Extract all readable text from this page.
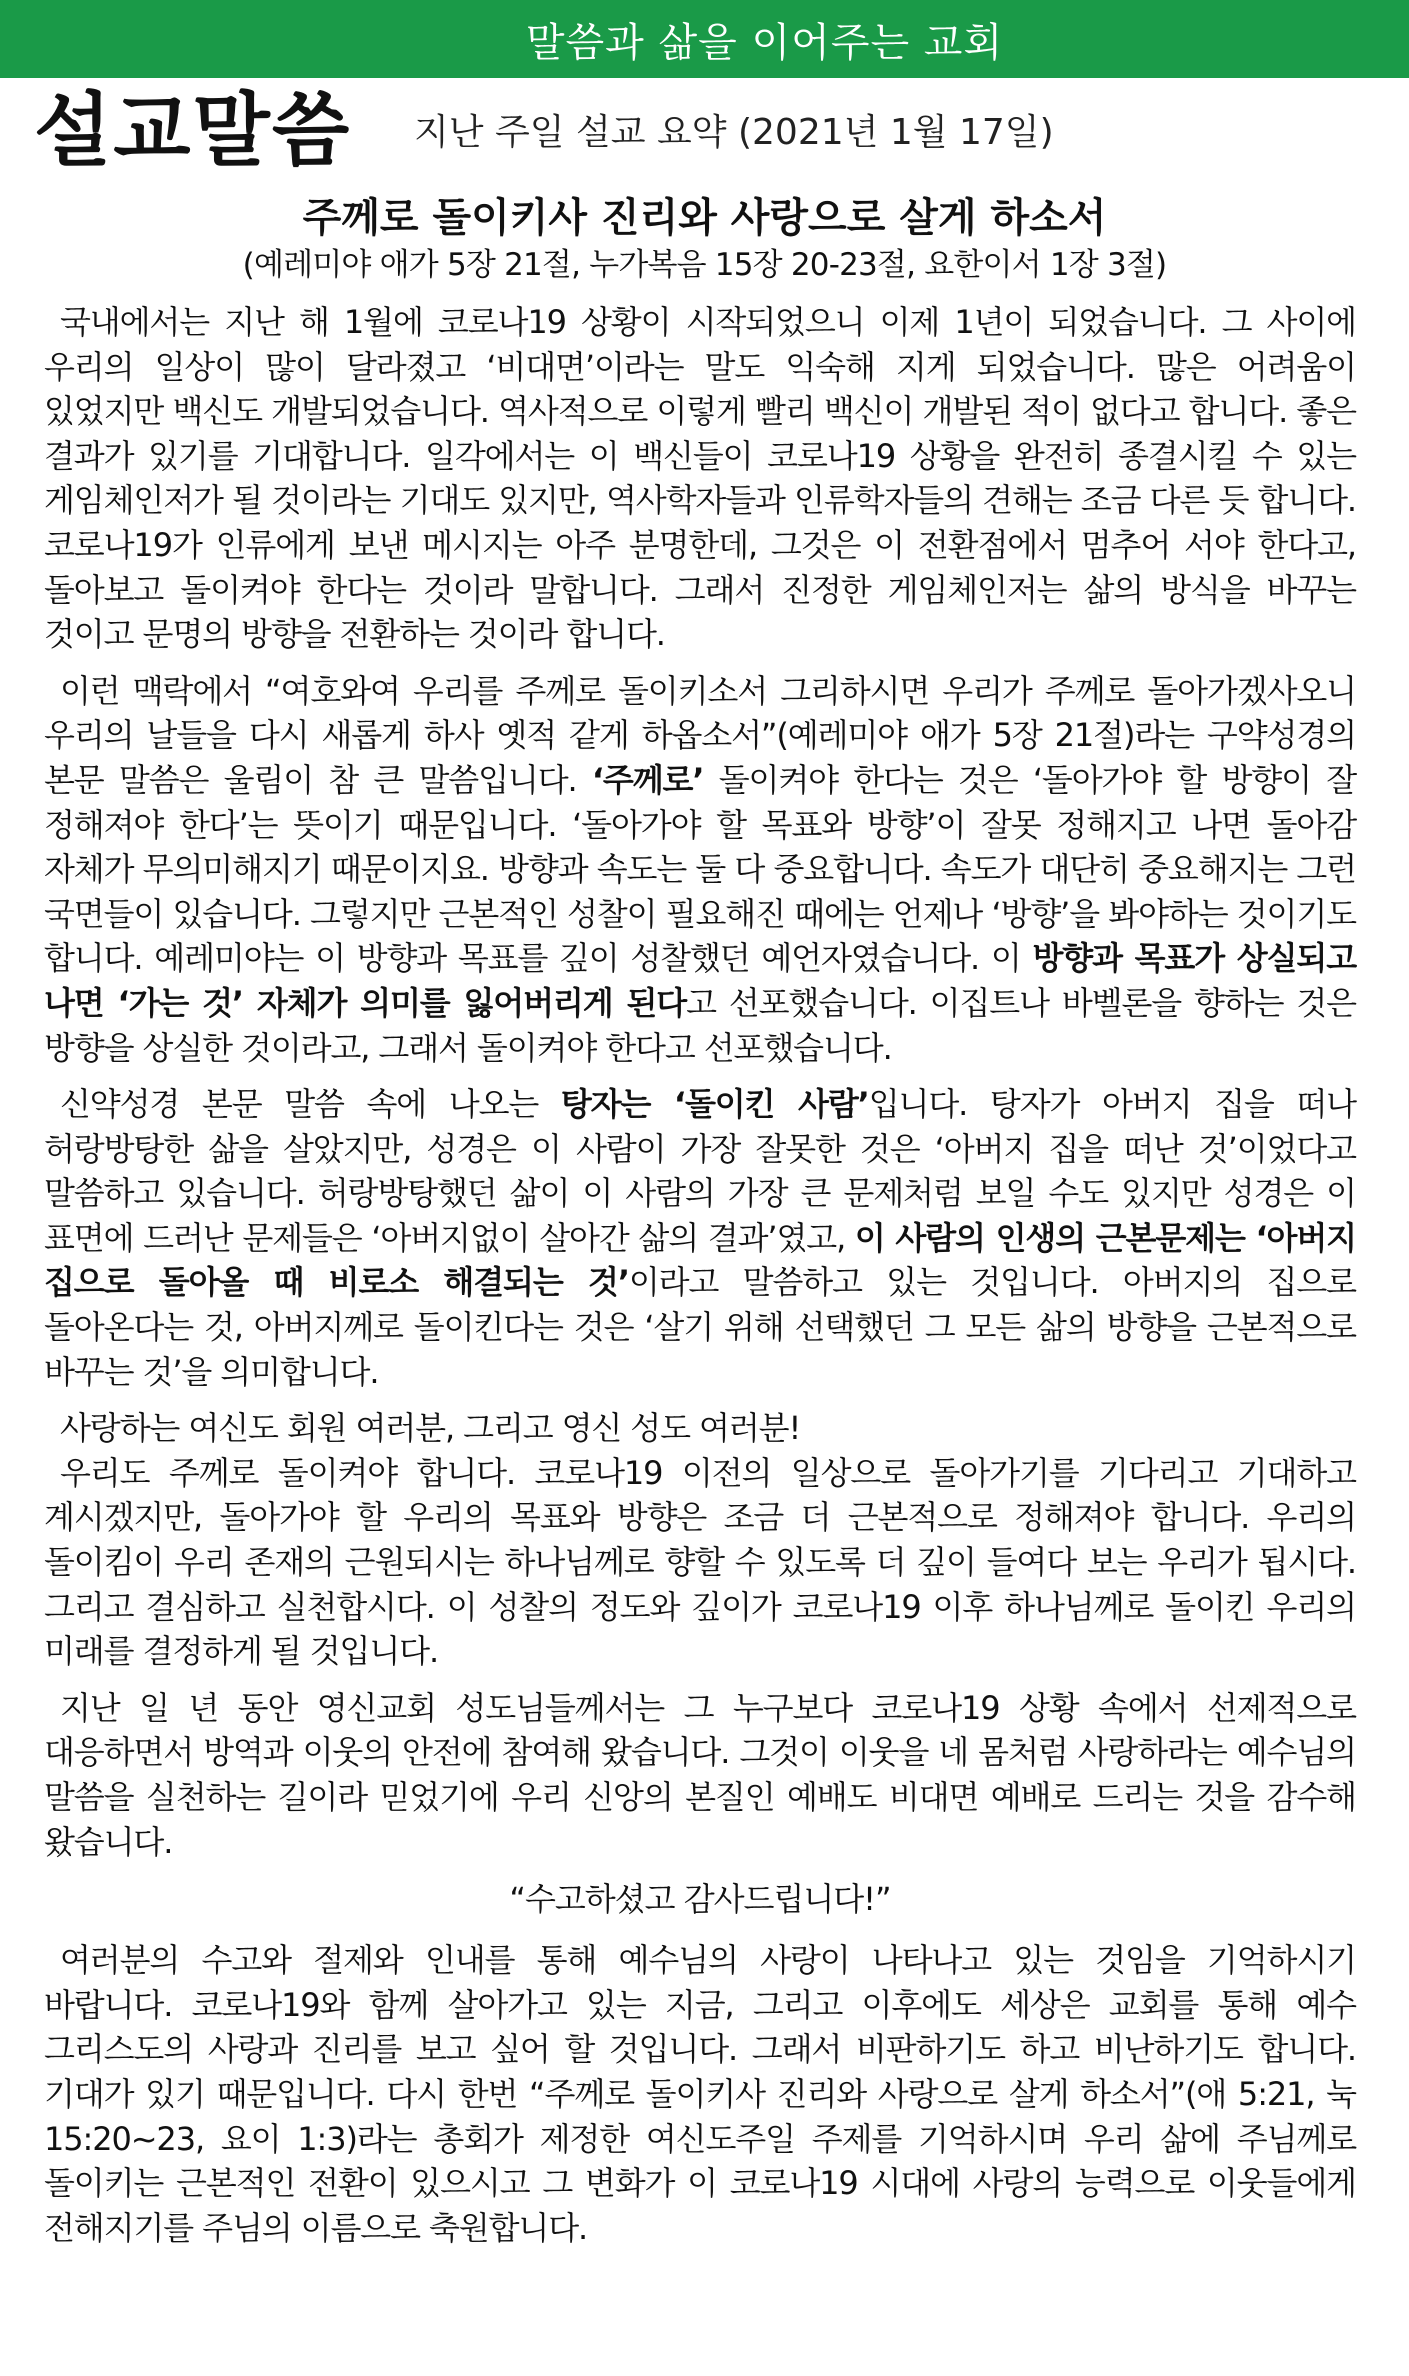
말씀과 삶을 이어주는 교회
설교말씀 지난 주일 설교 요약 (2021년 1월 17일)
주께로 돌이키사 진리와 사랑으로 살게 하소서
(예레미야 애가 5장 21절, 누가복음 15장 20-23절, 요한이서 1장 3절)

국내에서는 지난 해 1월에 코로나19 상황이 시작되었으니 이제 1년이 되었습니다. 그 사이에 우리의 일상이 많이 달라졌고 ‘비대면’이라는 말도 익숙해 지게 되었습니다. 많은 어려움이 있었지만 백신도 개발되었습니다. 역사적으로 이렇게 빨리 백신이 개발된 적이 없다고 합니다. 좋은 결과가 있기를 기대합니다. 일각에서는 이 백신들이 코로나19 상황을 완전히 종결시킬 수 있는 게임체인저가 될 것이라는 기대도 있지만, 역사학자들과 인류학자들의 견해는 조금 다른 듯 합니다. 코로나19가 인류에게 보낸 메시지는 아주 분명한데, 그것은 이 전환점에서 멈추어 서야 한다고, 돌아보고 돌이켜야 한다는 것이라 말합니다. 그래서 진정한 게임체인저는 삶의 방식을 바꾸는 것이고 문명의 방향을 전환하는 것이라 합니다.

이런 맥락에서 “여호와여 우리를 주께로 돌이키소서 그리하시면 우리가 주께로 돌아가겠사오니 우리의 날들을 다시 새롭게 하사 옛적 같게 하옵소서”(예레미야 애가 5장 21절)라는 구약성경의 본문 말씀은 울림이 참 큰 말씀입니다. ‘주께로’ 돌이켜야 한다는 것은 ‘돌아가야 할 방향이 잘 정해져야 한다’는 뜻이기 때문입니다. ‘돌아가야 할 목표와 방향’이 잘못 정해지고 나면 돌아감 자체가 무의미해지기 때문이지요. 방향과 속도는 둘 다 중요합니다. 속도가 대단히 중요해지는 그런 국면들이 있습니다. 그렇지만 근본적인 성찰이 필요해진 때에는 언제나 ‘방향’을 봐야하는 것이기도 합니다. 예레미야는 이 방향과 목표를 깊이 성찰했던 예언자였습니다. 이 방향과 목표가 상실되고 나면 ‘가는 것’ 자체가 의미를 잃어버리게 된다고 선포했습니다. 이집트나 바벨론을 향하는 것은 방향을 상실한 것이라고, 그래서 돌이켜야 한다고 선포했습니다.

신약성경 본문 말씀 속에 나오는 탕자는 ‘돌이킨 사람’입니다. 탕자가 아버지 집을 떠나 허랑방탕한 삶을 살았지만, 성경은 이 사람이 가장 잘못한 것은 ‘아버지 집을 떠난 것’이었다고 말씀하고 있습니다. 허랑방탕했던 삶이 이 사람의 가장 큰 문제처럼 보일 수도 있지만 성경은 이 표면에 드러난 문제들은 ‘아버지없이 살아간 삶의 결과’였고, 이 사람의 인생의 근본문제는 ‘아버지 집으로 돌아올 때 비로소 해결되는 것’이라고 말씀하고 있는 것입니다. 아버지의 집으로 돌아온다는 것, 아버지께로 돌이킨다는 것은 ‘살기 위해 선택했던 그 모든 삶의 방향을 근본적으로 바꾸는 것’을 의미합니다.

사랑하는 여신도 회원 여러분, 그리고 영신 성도 여러분!

우리도 주께로 돌이켜야 합니다. 코로나19 이전의 일상으로 돌아가기를 기다리고 기대하고 계시겠지만, 돌아가야 할 우리의 목표와 방향은 조금 더 근본적으로 정해져야 합니다. 우리의 돌이킴이 우리 존재의 근원되시는 하나님께로 향할 수 있도록 더 깊이 들여다 보는 우리가 됩시다. 그리고 결심하고 실천합시다. 이 성찰의 정도와 깊이가 코로나19 이후 하나님께로 돌이킨 우리의 미래를 결정하게 될 것입니다.

지난 일 년 동안 영신교회 성도님들께서는 그 누구보다 코로나19 상황 속에서 선제적으로 대응하면서 방역과 이웃의 안전에 참여해 왔습니다. 그것이 이웃을 네 몸처럼 사랑하라는 예수님의 말씀을 실천하는 길이라 믿었기에 우리 신앙의 본질인 예배도 비대면 예배로 드리는 것을 감수해 왔습니다.

“수고하셨고 감사드립니다!”

여러분의 수고와 절제와 인내를 통해 예수님의 사랑이 나타나고 있는 것임을 기억하시기 바랍니다. 코로나19와 함께 살아가고 있는 지금, 그리고 이후에도 세상은 교회를 통해 예수 그리스도의 사랑과 진리를 보고 싶어 할 것입니다. 그래서 비판하기도 하고 비난하기도 합니다. 기대가 있기 때문입니다. 다시 한번 “주께로 돌이키사 진리와 사랑으로 살게 하소서”(애 5:21, 눅 15:20~23, 요이 1:3)라는 총회가 제정한 여신도주일 주제를 기억하시며 우리 삶에 주님께로 돌이키는 근본적인 전환이 있으시고 그 변화가 이 코로나19 시대에 사랑의 능력으로 이웃들에게 전해지기를 주님의 이름으로 축원합니다.
